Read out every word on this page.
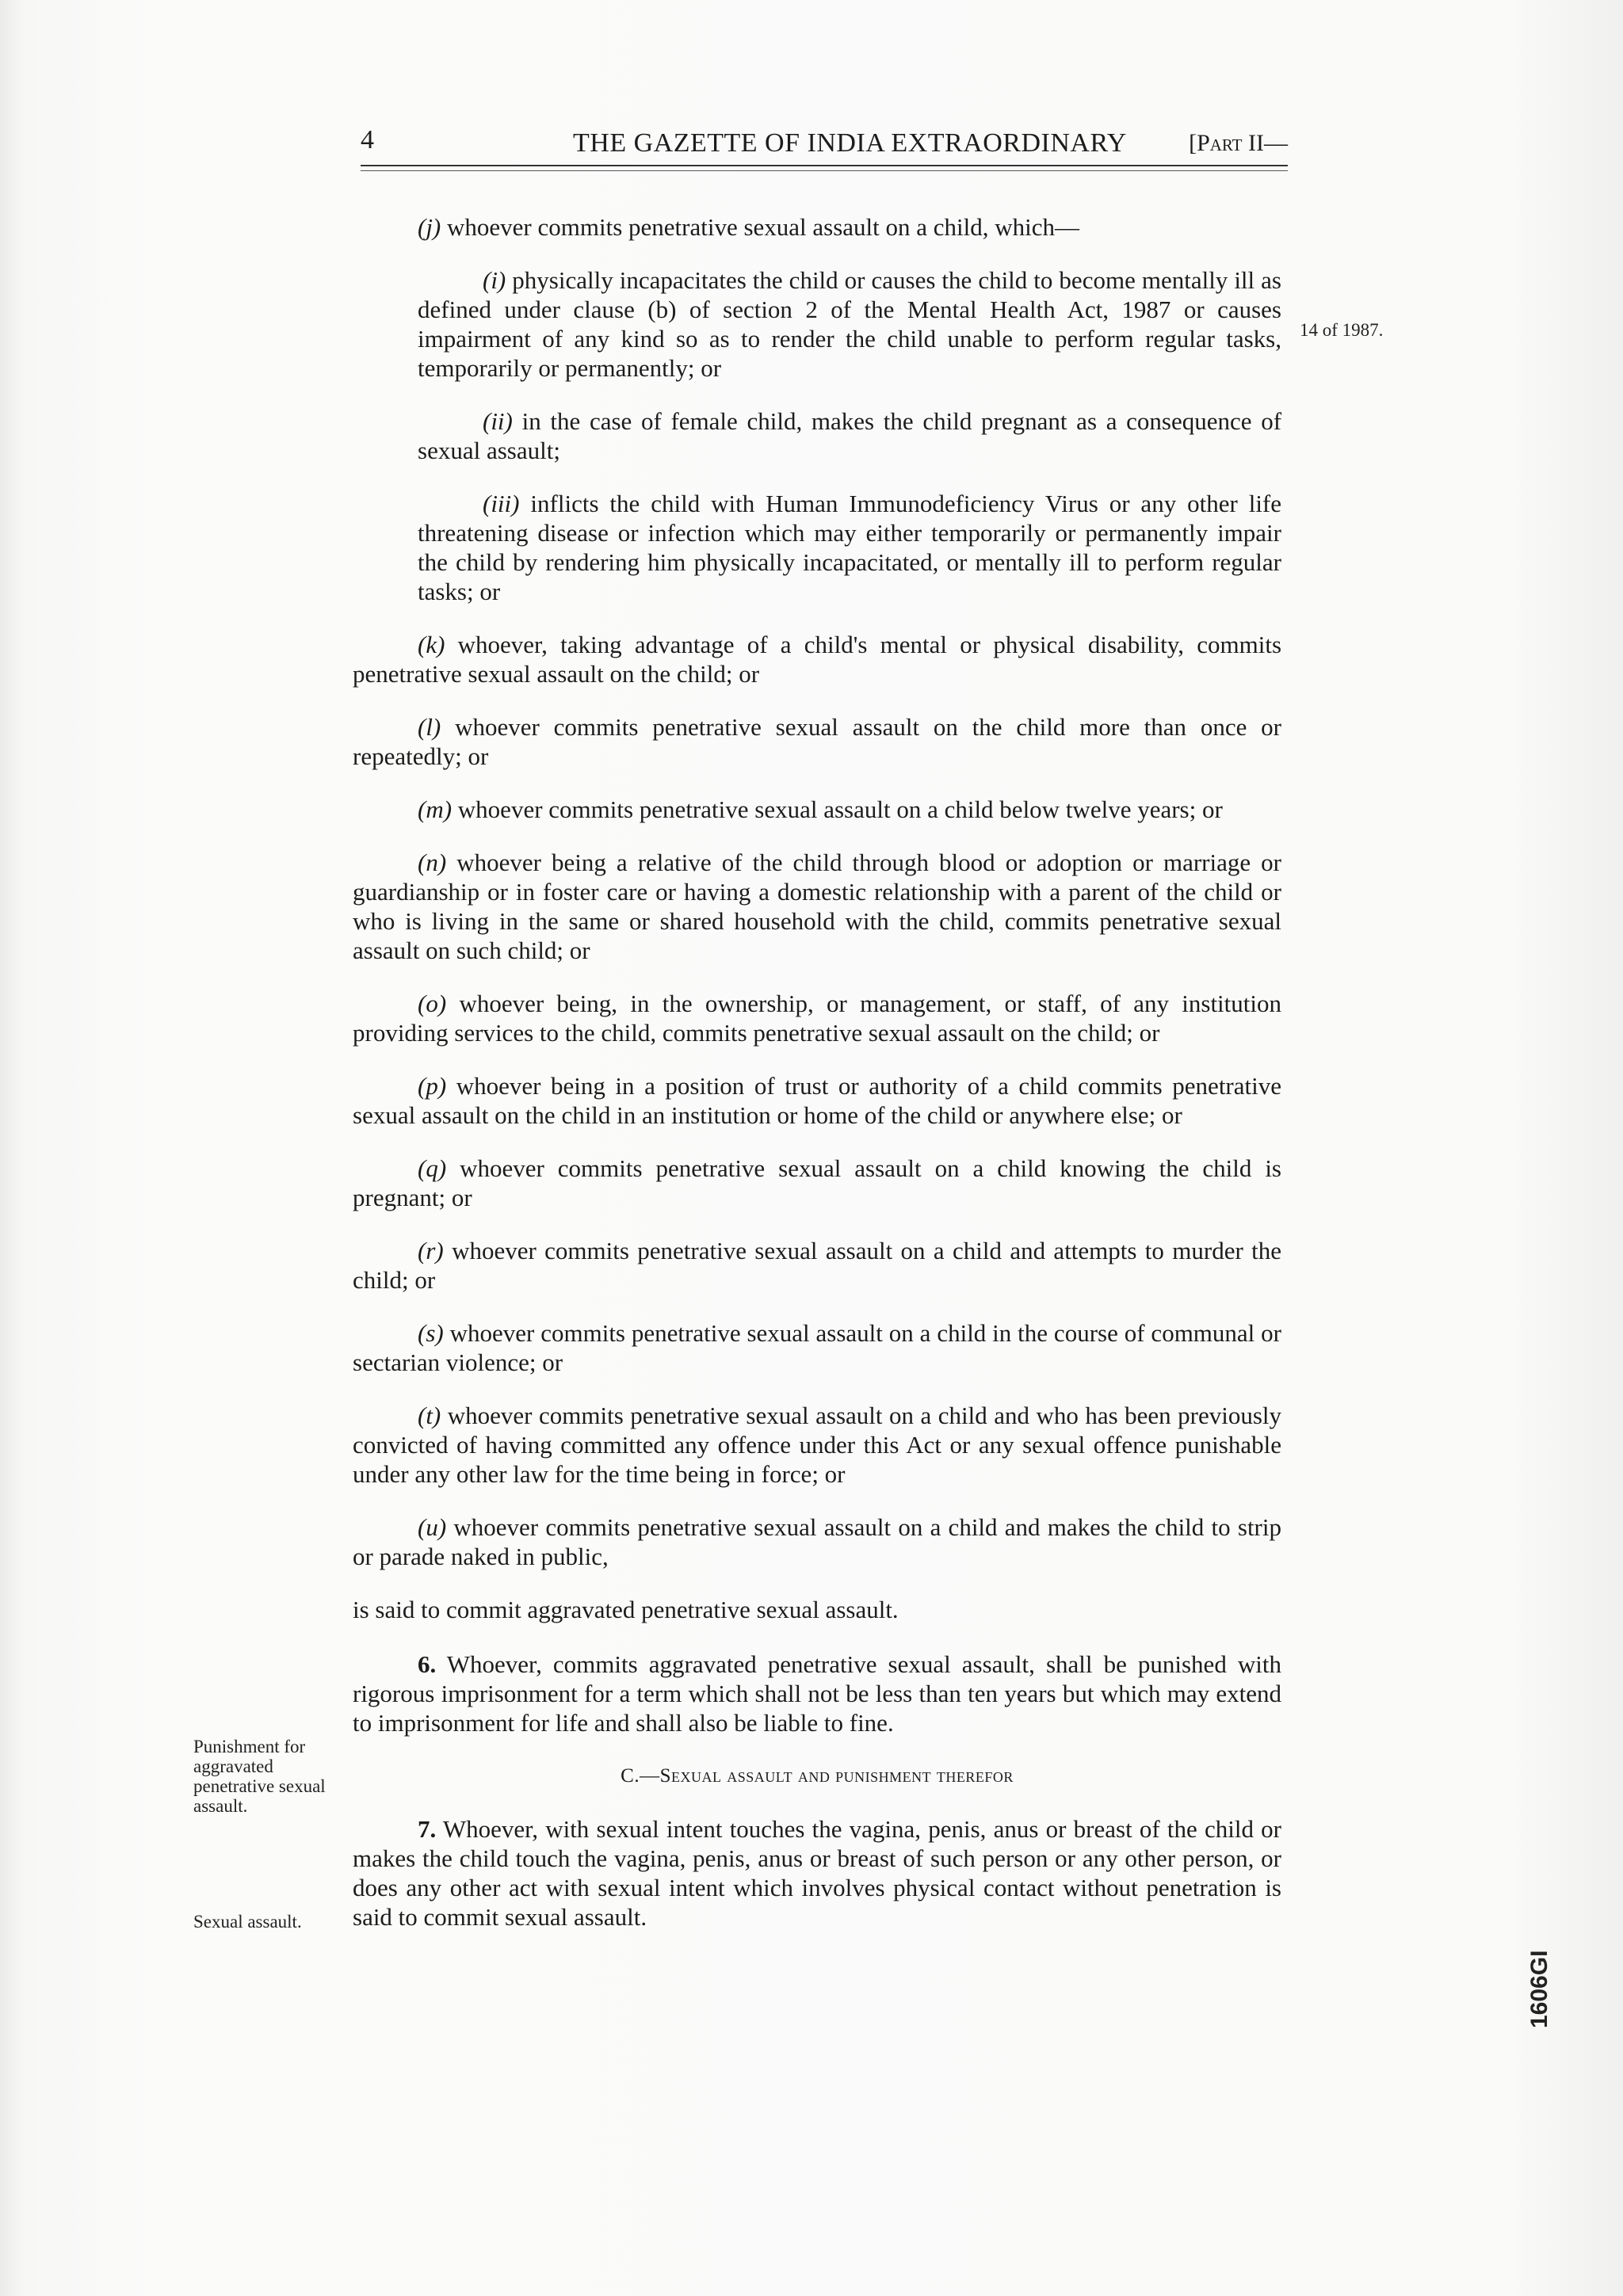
4	THE GAZETTE OF INDIA EXTRAORDINARY	[Part II—
14 of 1987.

(j) whoever commits penetrative sexual assault on a child, which—

(i) physically incapacitates the child or causes the child to become mentally ill as defined under clause (b) of section 2 of the Mental Health Act, 1987 or causes impairment of any kind so as to render the child unable to perform regular tasks, temporarily or permanently; or

(ii) in the case of female child, makes the child pregnant as a consequence of sexual assault;

(iii) inflicts the child with Human Immunodeficiency Virus or any other life threatening disease or infection which may either temporarily or permanently impair the child by rendering him physically incapacitated, or mentally ill to perform regular tasks; or

(k) whoever, taking advantage of a child's mental or physical disability, commits penetrative sexual assault on the child; or

(l) whoever commits penetrative sexual assault on the child more than once or repeatedly; or

(m) whoever commits penetrative sexual assault on a child below twelve years; or

(n) whoever being a relative of the child through blood or adoption or marriage or guardianship or in foster care or having a domestic relationship with a parent of the child or who is living in the same or shared household with the child, commits penetrative sexual assault on such child; or

(o) whoever being, in the ownership, or management, or staff, of any institution providing services to the child, commits penetrative sexual assault on the child; or

(p) whoever being in a position of trust or authority of a child commits penetrative sexual assault on the child in an institution or home of the child or anywhere else; or

(q) whoever commits penetrative sexual assault on a child knowing the child is pregnant; or

(r) whoever commits penetrative sexual assault on a child and attempts to murder the child; or

(s) whoever commits penetrative sexual assault on a child in the course of communal or sectarian violence; or

(t) whoever commits penetrative sexual assault on a child and who has been previously convicted of having committed any offence under this Act or any sexual offence punishable under any other law for the time being in force; or

(u) whoever commits penetrative sexual assault on a child and makes the child to strip or parade naked in public,

is said to commit aggravated penetrative sexual assault.

6. Whoever, commits aggravated penetrative sexual assault, shall be punished with rigorous imprisonment for a term which shall not be less than ten years but which may extend to imprisonment for life and shall also be liable to fine.

C.—Sexual assault and punishment therefor

7. Whoever, with sexual intent touches the vagina, penis, anus or breast of the child or makes the child touch the vagina, penis, anus or breast of such person or any other person, or does any other act with sexual intent which involves physical contact without penetration is said to commit sexual assault.

Punishment for aggravated penetrative sexual assault.
Sexual assault.
1606GI
